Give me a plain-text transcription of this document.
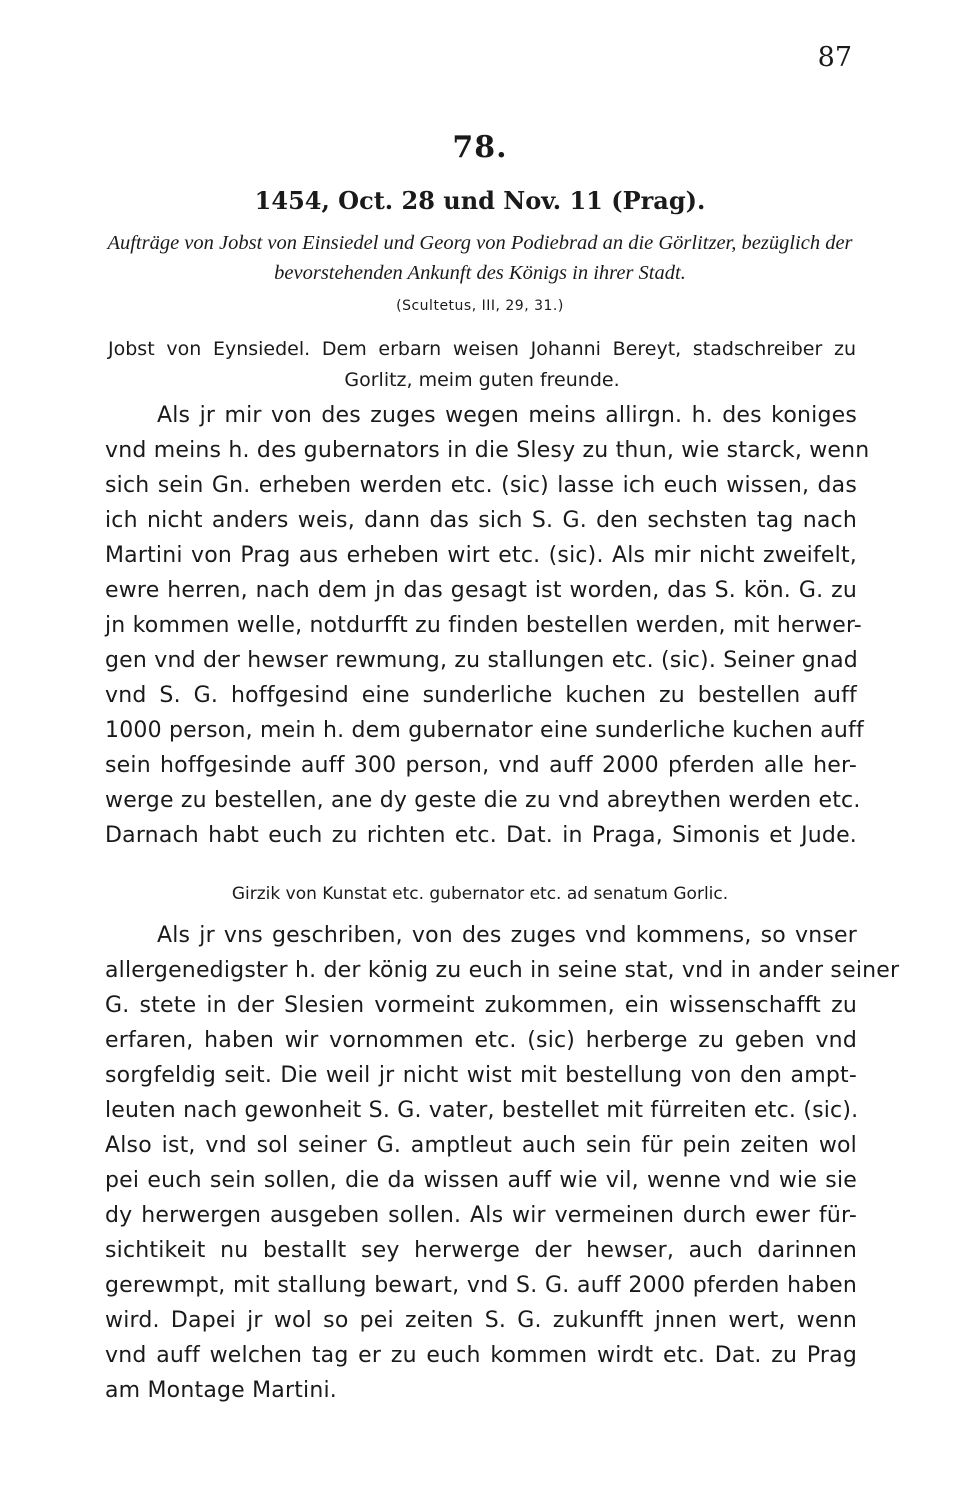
87
78.
1454, Oct. 28 und Nov. 11 (Prag).
Aufträge von Jobst von Einsiedel und Georg von Podiebrad an die Görlitzer, bezüglich der bevorstehenden Ankunft des Königs in ihrer Stadt.
(Scultetus, III, 29, 31.)
Jobst von Eynsiedel. Dem erbarn weisen Johanni Bereyt, stadschreiber zu Gorlitz, meim guten freunde.
Als jr mir von des zuges wegen meins allirgn. h. des koniges
vnd meins h. des gubernators in die Slesy zu thun, wie starck, wenn
sich sein Gn. erheben werden etc. (sic) lasse ich euch wissen, das
ich nicht anders weis, dann das sich S. G. den sechsten tag nach
Martini von Prag aus erheben wirt etc. (sic). Als mir nicht zweifelt,
ewre herren, nach dem jn das gesagt ist worden, das S. kön. G. zu
jn kommen welle, notdurfft zu finden bestellen werden, mit herwer-
gen vnd der hewser rewmung, zu stallungen etc. (sic). Seiner gnad
vnd S. G. hoffgesind eine sunderliche kuchen zu bestellen auff
1000 person, mein h. dem gubernator eine sunderliche kuchen auff
sein hoffgesinde auff 300 person, vnd auff 2000 pferden alle her-
werge zu bestellen, ane dy geste die zu vnd abreythen werden etc.
Darnach habt euch zu richten etc. Dat. in Praga, Simonis et Jude.
Girzik von Kunstat etc. gubernator etc. ad senatum Gorlic.
Als jr vns geschriben, von des zuges vnd kommens, so vnser
allergenedigster h. der könig zu euch in seine stat, vnd in ander seiner
G. stete in der Slesien vormeint zukommen, ein wissenschafft zu
erfaren, haben wir vornommen etc. (sic) herberge zu geben vnd
sorgfeldig seit. Die weil jr nicht wist mit bestellung von den ampt-
leuten nach gewonheit S. G. vater, bestellet mit fürreiten etc. (sic).
Also ist, vnd sol seiner G. amptleut auch sein für pein zeiten wol
pei euch sein sollen, die da wissen auff wie vil, wenne vnd wie sie
dy herwergen ausgeben sollen. Als wir vermeinen durch ewer für-
sichtikeit nu bestallt sey herwerge der hewser, auch darinnen
gerewmpt, mit stallung bewart, vnd S. G. auff 2000 pferden haben
wird. Dapei jr wol so pei zeiten S. G. zukunfft jnnen wert, wenn
vnd auff welchen tag er zu euch kommen wirdt etc. Dat. zu Prag
am Montage Martini.
